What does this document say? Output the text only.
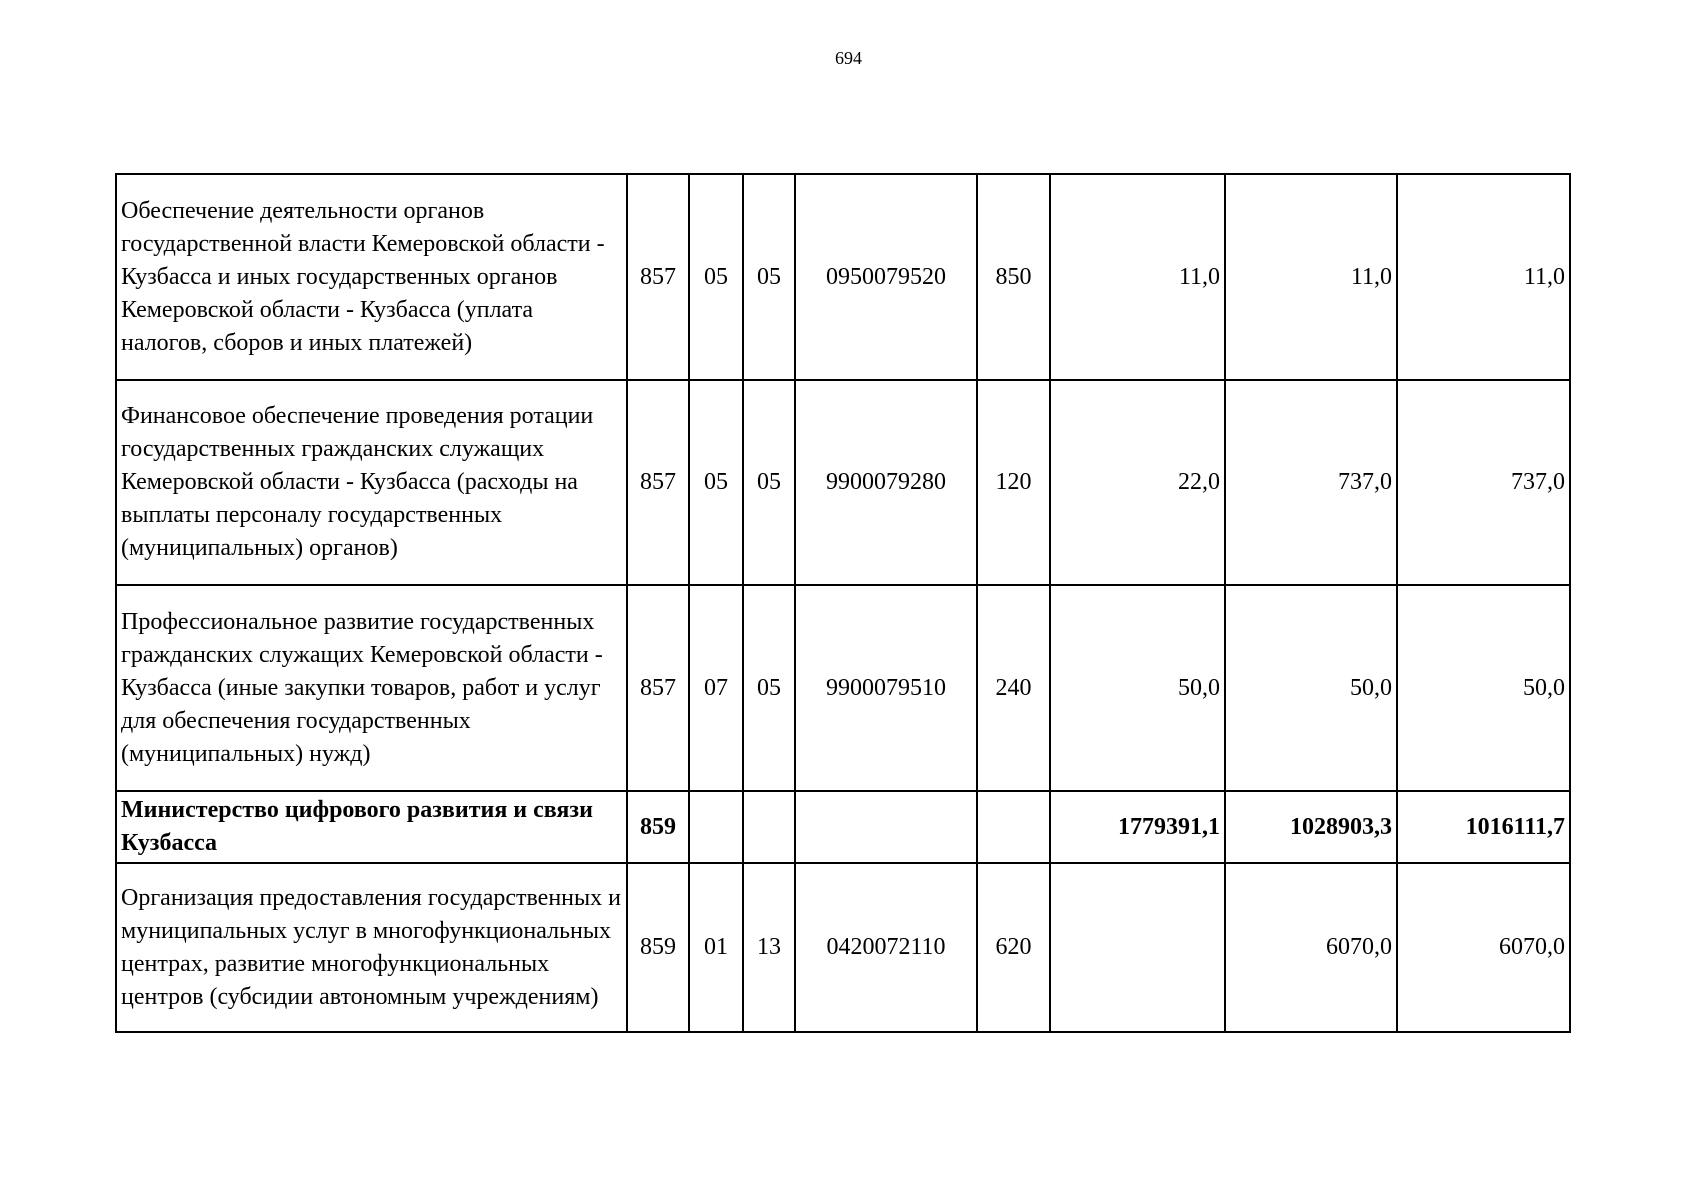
694
Обеспечение деятельности органов государственной власти Кемеровской области - Кузбасса и иных государственных органов Кемеровской области - Кузбасса (уплата налогов, сборов и иных платежей)	857	05	05	0950079520	850	11,0	11,0	11,0
Финансовое обеспечение проведения ротации государственных гражданских служащих Кемеровской области - Кузбасса (расходы на выплаты персоналу государственных (муниципальных) органов)	857	05	05	9900079280	120	22,0	737,0	737,0
Профессиональное развитие государственных гражданских служащих Кемеровской области - Кузбасса (иные закупки товаров, работ и услуг для обеспечения государственных (муниципальных) нужд)	857	07	05	9900079510	240	50,0	50,0	50,0
Министерство цифрового развития и связи Кузбасса	859					1779391,1	1028903,3	1016111,7
Организация предоставления государственных и муниципальных услуг в многофункциональных центрах, развитие многофункциональных центров (субсидии автономным учреждениям)	859	01	13	0420072110	620		6070,0	6070,0
